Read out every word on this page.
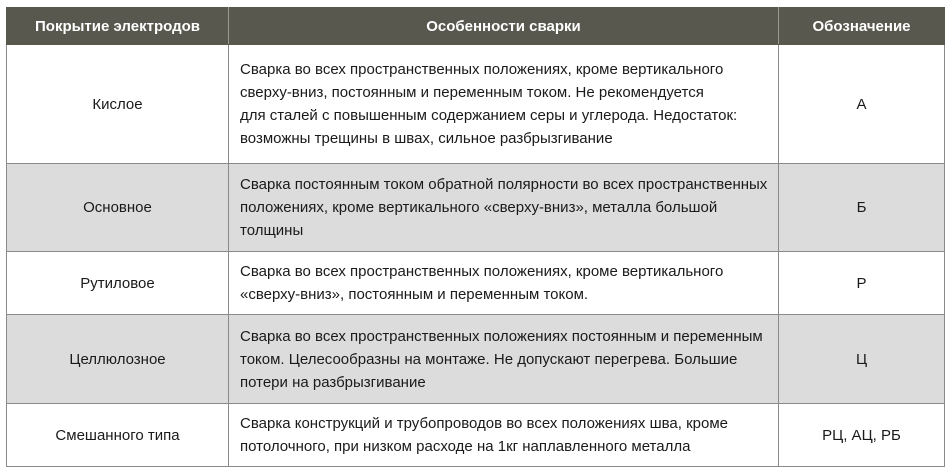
Покрытие электродов	Особенности сварки	Обозначение
Кислое	Сварка во всех пространственных положениях, кроме вертикального
сверху-вниз, постоянным и переменным током. Не рекомендуется
для сталей с повышенным содержанием серы и углерода. Недостаток:
возможны трещины в швах, сильное разбрызгивание	А
Основное	Сварка постоянным током обратной полярности во всех пространственных
положениях, кроме вертикального «сверху-вниз», металла большой
толщины	Б
Рутиловое	Сварка во всех пространственных положениях, кроме вертикального
«сверху-вниз», постоянным и переменным током.	Р
Целлюлозное	Сварка во всех пространственных положениях постоянным и переменным
током. Целесообразны на монтаже. Не допускают перегрева. Большие
потери на разбрызгивание	Ц
Смешанного типа	Сварка конструкций и трубопроводов во всех положениях шва, кроме
потолочного, при низком расходе на 1кг наплавленного металла	РЦ, АЦ, РБ
